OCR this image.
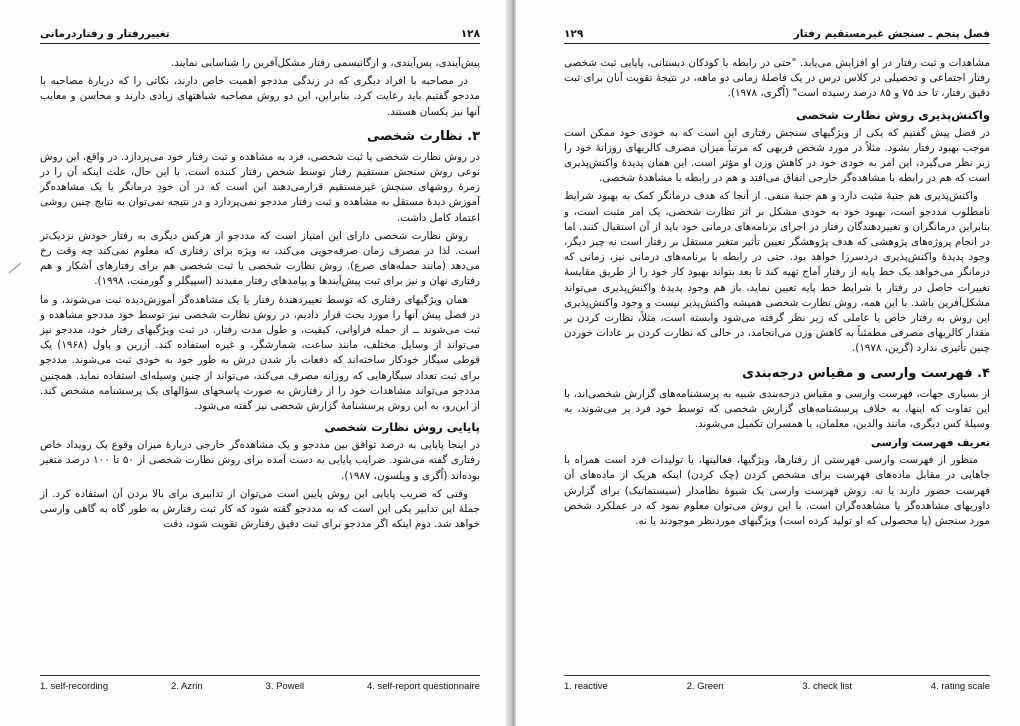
۱۲۸
تغییررفتار و رفتاردرمانی

پیش‌آیندی، پس‌آیندی، و ارگانیسمی رفتار مشکل‌آفرین را شناسایی نمایند.

در مصاحبه با افراد دیگری که در زندگی مددجو اهمیت خاص دارند، نکاتی را که دربارهٔ مصاحبه با مددجو گفتیم باید رعایت کرد. بنابراین، این دو روش مصاحبه شباهتهای زیادی دارند و محاسن و معایب آنها نیز یکسان هستند.

۳. نظارت شخصی

در روش نظارت شخصی یا ثبت شخصی، فرد به مشاهده و ثبت رفتار خود می‌پردازد. در واقع، این روش نوعی روش سنجش مستقیم رفتار توسط شخص رفتار کننده است. با این حال، علت اینکه آن را در زمرهٔ روشهای سنجش غیرمستقیم قرارمی‌دهند این است که در آن خودِ درمانگر یا یک مشاهده‌گر آموزش دیدهٔ مستقل به مشاهده و ثبت رفتار مددجو نمی‌پردازد و در نتیجه نمی‌توان به نتایج چنین روشی اعتماد کامل داشت.

روش نظارت شخصی دارای این امتیاز است که مددجو از هرکس دیگری به رفتار خودش نزدیک‌تر است. لذا در مصرف زمان صرفه‌جویی می‌کند، به ویژه برای رفتاری که معلوم نمی‌کند چه وقت رخ می‌دهد (مانند حمله‌های صرع). روش نظارت شخصی یا ثبت شخصی هم برای رفتارهای آشکار و هم رفتاری نهان و نیز برای ثبت پیش‌آیندها و پیامدهای رفتار مفیدند (اسپیگلر و گورمنت، ۱۹۹۸).

همان ویژگیهای رفتاری که توسط تغییردهندهٔ رفتار یا یک مشاهده‌گر آموزش‌دیده ثبت می‌شوند، و ما در فصل پیش آنها را مورد بحث قرار دادیم، در روش نظارت شخصی نیز توسط خود مددجو مشاهده و ثبت می‌شوند ــ از جمله فراوانی، کیفیت، و طول مدت رفتار. در ثبت ویژگیهای رفتار خود، مددجو نیز می‌تواند از وسایل مختلف، مانند ساعت، شمارشگر، و غیره استفاده کند. آزرین و پاول (۱۹۶۸) یک قوطی سیگار خودکار ساخته‌اند که دفعات باز شدن درش به طور خود به خودی ثبت می‌شوند. مددجو برای ثبت تعداد سیگارهایی که روزانه مصرف می‌کند، می‌تواند از چنین وسیله‌ای استفاده نماید. همچنین مددجو می‌تواند مشاهدات خود را از رفتارش به صورت پاسخهای سؤالهای یک پرسشنامه مشخص کند. از این‌رو، به این روش پرسشنامهٔ گزارش شخصی نیز گفته می‌شود.

پایایی روش نظارت شخصی

در اینجا پایایی به درصد توافق بین مددجو و یک مشاهده‌گر خارجی دربارهٔ میزان وقوع یک رویداد خاص رفتاری گفته می‌شود. ضرایب پایایی به دست آمده برای روش نظارت شخصی از ۵۰ تا ۱۰۰ درصد متغیر بوده‌اند (اُگری و ویلسون، ۱۹۸۷).

وقتی که ضریب پایایی این روش پایین است می‌توان از تدابیری برای بالا بردن آن استفاده کرد. از جملهٔ این تدابیر یکی این است که به مددجو گفته شود که کار ثبت رفتارش به طور گاه به گاهی وارسی خواهد شد. دوم اینکه اگر مددجو برای ثبت دقیق رفتارش تقویت شود، دقت

1. self-recording	2. Azrin	3. Powell	4. self-report questionnaire
فصل پنجم ـ سنجش غیرمستقیم رفتار
۱۲۹

مشاهدات و ثبت رفتار در او افزایش می‌یابد. "حتی در رابطه با کودکان دبستانی، پایایی ثبت شخصی رفتار اجتماعی و تحصیلی در کلاس درس در یک فاصلهٔ زمانی دو ماهه، در نتیجهٔ تقویت آنان برای ثبت دقیق رفتار، تا حد ۷۵ و ۸۵ درصد رسیده است" (اُگری، ۱۹۷۸).

واکنش‌پذیری روش نظارت شخصی

در فصل پیش گفتیم که یکی از ویژگیهای سنجش رفتاری این است که به خودی خود ممکن است موجب بهبود رفتار بشود. مثلاً در مورد شخص فربهی که مرتباً میزان مصرف کالریهای روزانهٔ خود را زیر نظر می‌گیرد، این امر به خودی خود در کاهش وزن او مؤثر است. این همان پدیدهٔ واکنش‌پذیری است که هم در رابطه با مشاهده‌گر خارجی اتفاق می‌افتد و هم در رابطه با مشاهدهٔ شخصی.

واکنش‌پذیری هم جنبهٔ مثبت دارد و هم جنبهٔ منفی. از آنجا که هدف درمانگر کمک به بهبود شرایط نامطلوب مددجو است، بهبود خود به خودی مشکل بر اثر نظارت شخصی، یک امر مثبت است، و بنابراین درمانگران و تغییردهندگان رفتار در اجرای برنامه‌های درمانی خود باید از آن استقبال کنند. اما در انجام پروژه‌های پژوهشی که هدف پژوهشگر تعیین تأثیر متغیر مستقل بر رفتار است نه چیز دیگر، وجود پدیدهٔ واکنش‌پذیری دردسرزا خواهد بود. حتی در رابطه با برنامه‌های درمانی نیز، زمانی که درمانگر می‌خواهد یک خط پایه از رفتار آماج تهیه کند تا بعد بتواند بهبود کار خود را از طریق مقایسهٔ تغییرات حاصل در رفتار با شرایط خط پایه تعیین نماید، باز هم وجود پدیدهٔ واکنش‌پذیری می‌تواند مشکل‌آفرین باشد. با این همه، روش نظارت شخصی همیشه واکنش‌پذیر نیست و وجود واکنش‌پذیری این روش به رفتار خاص یا عاملی که زیر نظر گرفته می‌شود وابسته است، مثلاً، نظارت کردن بر مقدار کالریهای مصرفی مطمئناً به کاهش وزن می‌انجامد، در حالی که نظارت کردن بر عادات خوردن چنین تأثیری ندارد (گرین، ۱۹۷۸).

۴. فهرست وارسی و مقیاس درجه‌بندی

از بسیاری جهات، فهرست وارسی و مقیاس درجه‌بندی شبیه به پرسشنامه‌های گزارش شخصی‌اند، با این تفاوت که اینها، به خلاف پرسشنامه‌های گزارش شخصی که توسط خود فرد پر می‌شوند، به وسیلهٔ کس دیگری، مانند والدین، معلمان، یا همسران تکمیل می‌شوند.

تعریف فهرست وارسی

منظور از فهرست وارسی فهرستی از رفتارها، ویژگیها، فعالیتها، یا تولیدات فرد است همراه با جاهایی در مقابل ماده‌های فهرست برای مشخص کردن (چک کردن) اینکه هریک از ماده‌های آن فهرست حضور دارند یا نه. روش فهرست وارسی یک شیوهٔ نظامدار (سیستماتیک) برای گزارش داوریهای مشاهده‌گر یا مشاهده‌گران است. با این روش می‌توان معلوم نمود که در عملکرد شخص مورد سنجش (یا محصولی که او تولید کرده است) ویژگیهای موردنظر موجودند یا نه.

1. reactive	2. Green	3. check list	4. rating scale
